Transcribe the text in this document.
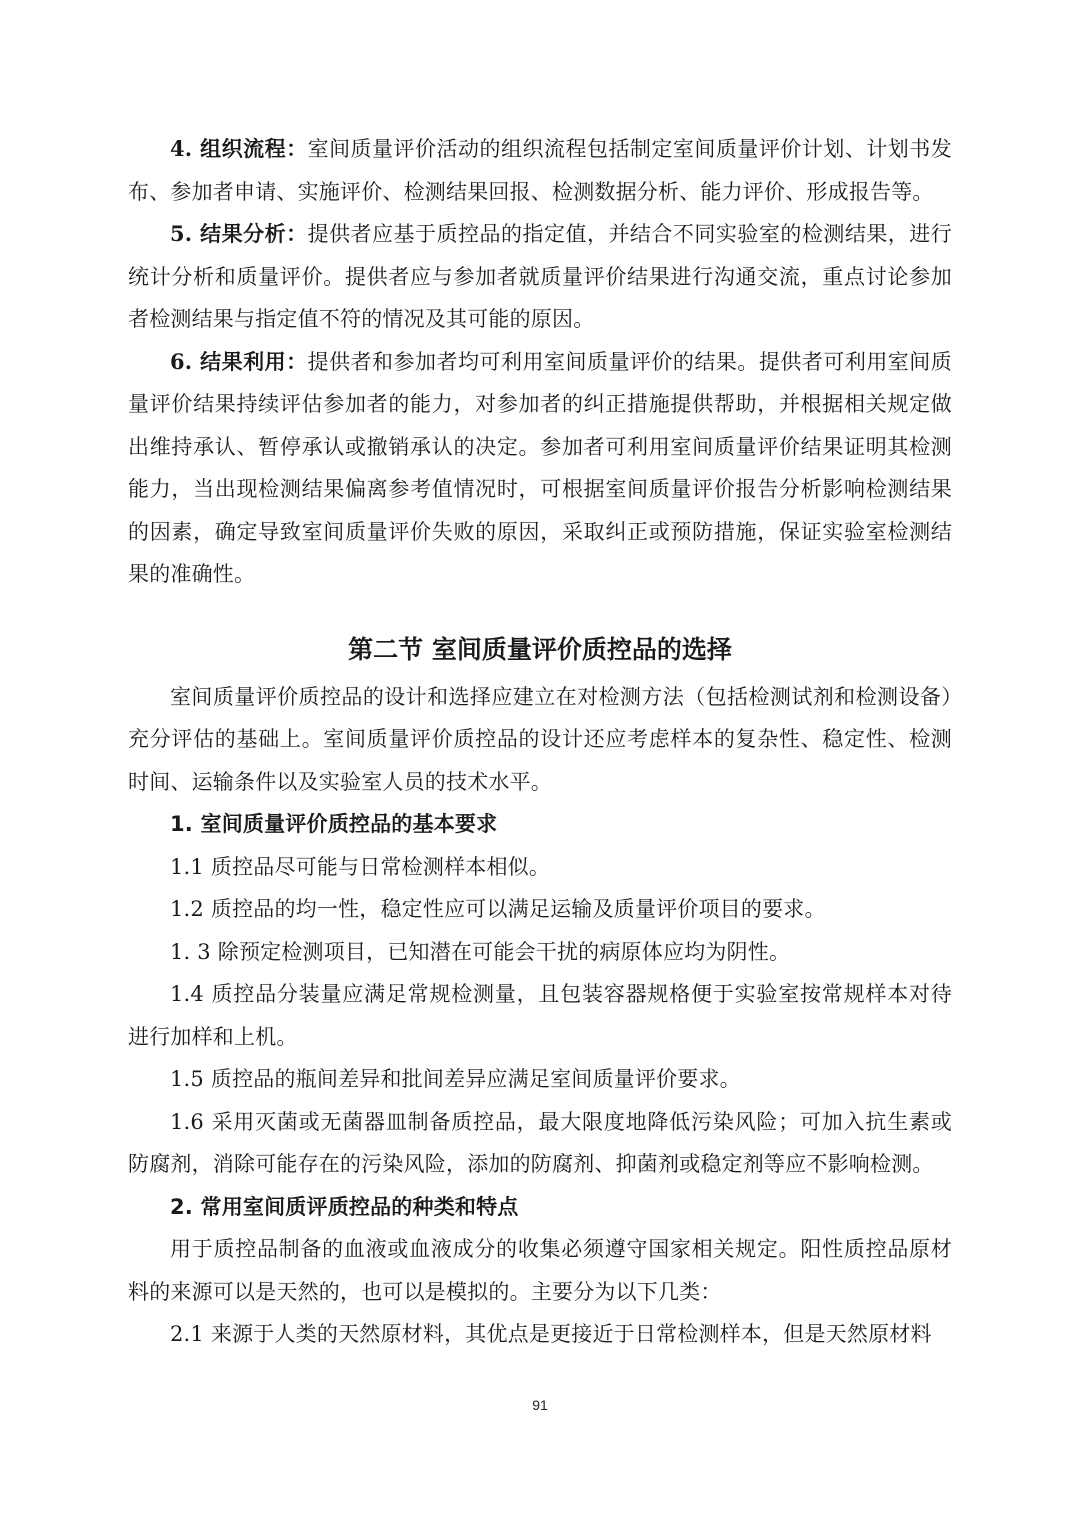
4. 组织流程：室间质量评价活动的组织流程包括制定室间质量评价计划、计划书发布、参加者申请、实施评价、检测结果回报、检测数据分析、能力评价、形成报告等。

5. 结果分析：提供者应基于质控品的指定值，并结合不同实验室的检测结果，进行统计分析和质量评价。提供者应与参加者就质量评价结果进行沟通交流，重点讨论参加者检测结果与指定值不符的情况及其可能的原因。

6. 结果利用：提供者和参加者均可利用室间质量评价的结果。提供者可利用室间质量评价结果持续评估参加者的能力，对参加者的纠正措施提供帮助，并根据相关规定做出维持承认、暂停承认或撤销承认的决定。参加者可利用室间质量评价结果证明其检测能力，当出现检测结果偏离参考值情况时，可根据室间质量评价报告分析影响检测结果的因素，确定导致室间质量评价失败的原因，采取纠正或预防措施，保证实验室检测结果的准确性。

第二节 室间质量评价质控品的选择

室间质量评价质控品的设计和选择应建立在对检测方法（包括检测试剂和检测设备）充分评估的基础上。室间质量评价质控品的设计还应考虑样本的复杂性、稳定性、检测时间、运输条件以及实验室人员的技术水平。

1. 室间质量评价质控品的基本要求

1.1 质控品尽可能与日常检测样本相似。

1.2 质控品的均一性，稳定性应可以满足运输及质量评价项目的要求。

1. 3 除预定检测项目，已知潜在可能会干扰的病原体应均为阴性。

1.4 质控品分装量应满足常规检测量，且包装容器规格便于实验室按常规样本对待进行加样和上机。

1.5 质控品的瓶间差异和批间差异应满足室间质量评价要求。

1.6 采用灭菌或无菌器皿制备质控品，最大限度地降低污染风险；可加入抗生素或防腐剂，消除可能存在的污染风险，添加的防腐剂、抑菌剂或稳定剂等应不影响检测。

2. 常用室间质评质控品的种类和特点

用于质控品制备的血液或血液成分的收集必须遵守国家相关规定。阳性质控品原材料的来源可以是天然的，也可以是模拟的。主要分为以下几类：

2.1 来源于人类的天然原材料，其优点是更接近于日常检测样本，但是天然原材料

91
